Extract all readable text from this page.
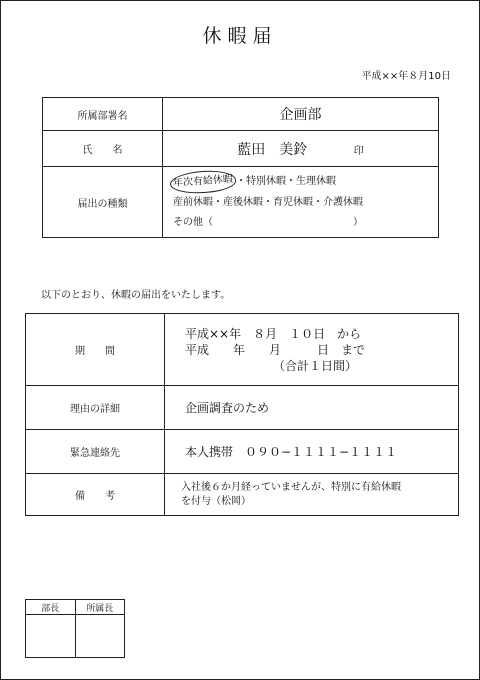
休暇届
平成××年８月10日
所属部署名	企画部
氏　　名	藍田　美鈴 印
届出の種類	年次有給休暇 ・特別休暇・生理休暇
産前休暇・産後休暇・育児休暇・介護休暇
その他（　　　　　　　　　　　　　　）
以下のとおり、休暇の届出をいたします。
期　　間	平成××年　８月　１０日　から
平成　　年　　月　　　日　まで
（合計１日間）

理由の詳細	企画調査のため
緊急連絡先	本人携帯　０９０−１１１１−１１１１
備　　考	入社後６か月経っていませんが、特別に有給休暇
を付与（松岡）
部長	所属長
